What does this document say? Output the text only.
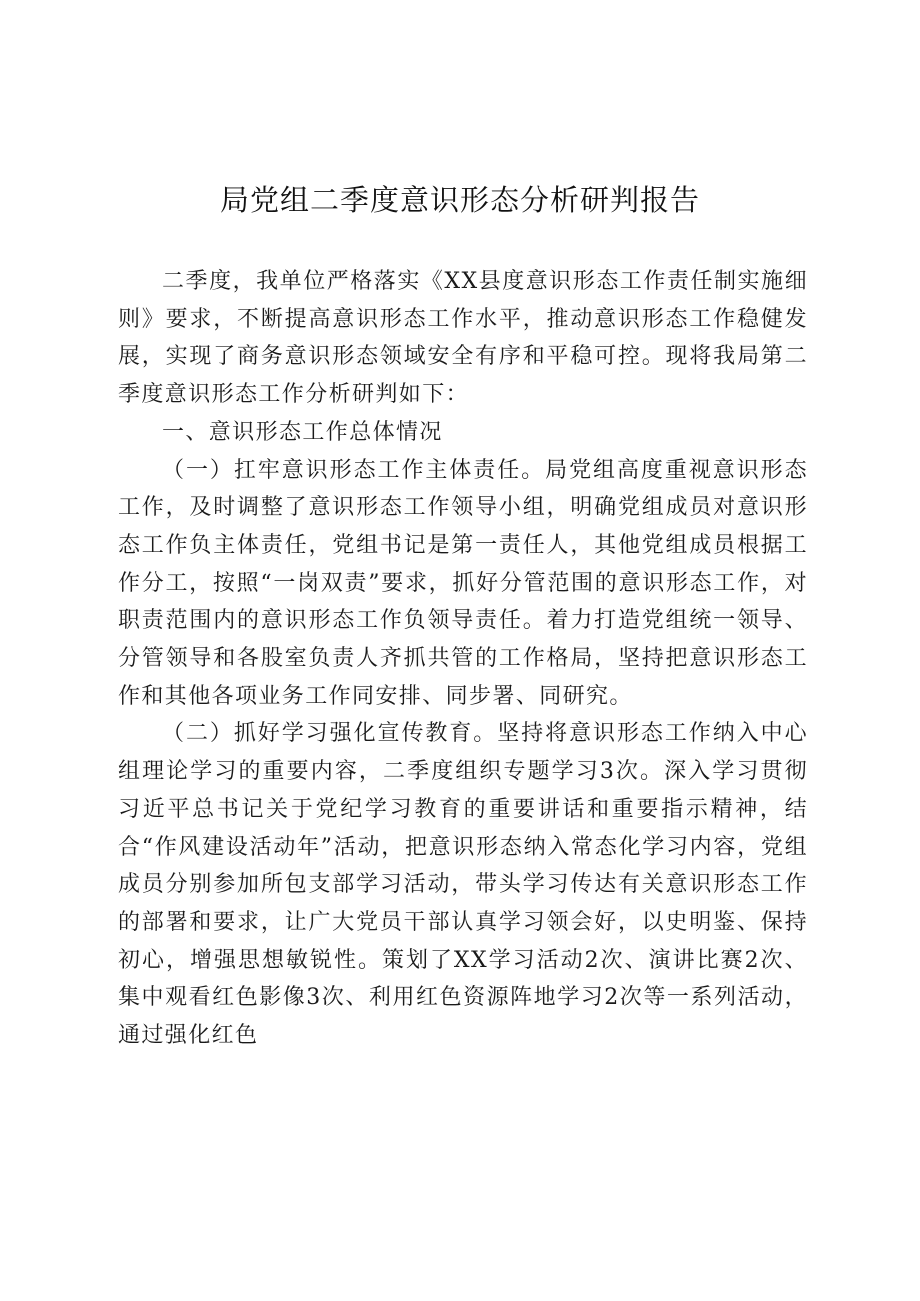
局党组二季度意识形态分析研判报告

二季度，我单位严格落实《XX县度意识形态工作责任制实施细则》要求，不断提高意识形态工作水平，推动意识形态工作稳健发展，实现了商务意识形态领域安全有序和平稳可控。现将我局第二季度意识形态工作分析研判如下：

一、意识形态工作总体情况

（一）扛牢意识形态工作主体责任。局党组高度重视意识形态工作，及时调整了意识形态工作领导小组，明确党组成员对意识形态工作负主体责任，党组书记是第一责任人，其他党组成员根据工作分工，按照“一岗双责”要求，抓好分管范围的意识形态工作，对职责范围内的意识形态工作负领导责任。着力打造党组统一领导、分管领导和各股室负责人齐抓共管的工作格局，坚持把意识形态工作和其他各项业务工作同安排、同步署、同研究。

（二）抓好学习强化宣传教育。坚持将意识形态工作纳入中心组理论学习的重要内容，二季度组织专题学习3次。深入学习贯彻习近平总书记关于党纪学习教育的重要讲话和重要指示精神，结合“作风建设活动年”活动，把意识形态纳入常态化学习内容，党组成员分别参加所包支部学习活动，带头学习传达有关意识形态工作的部署和要求，让广大党员干部认真学习领会好，以史明鉴、保持初心，增强思想敏锐性。策划了XX学习活动2次、演讲比赛2次、集中观看红色影像3次、利用红色资源阵地学习2次等一系列活动，通过强化红色
